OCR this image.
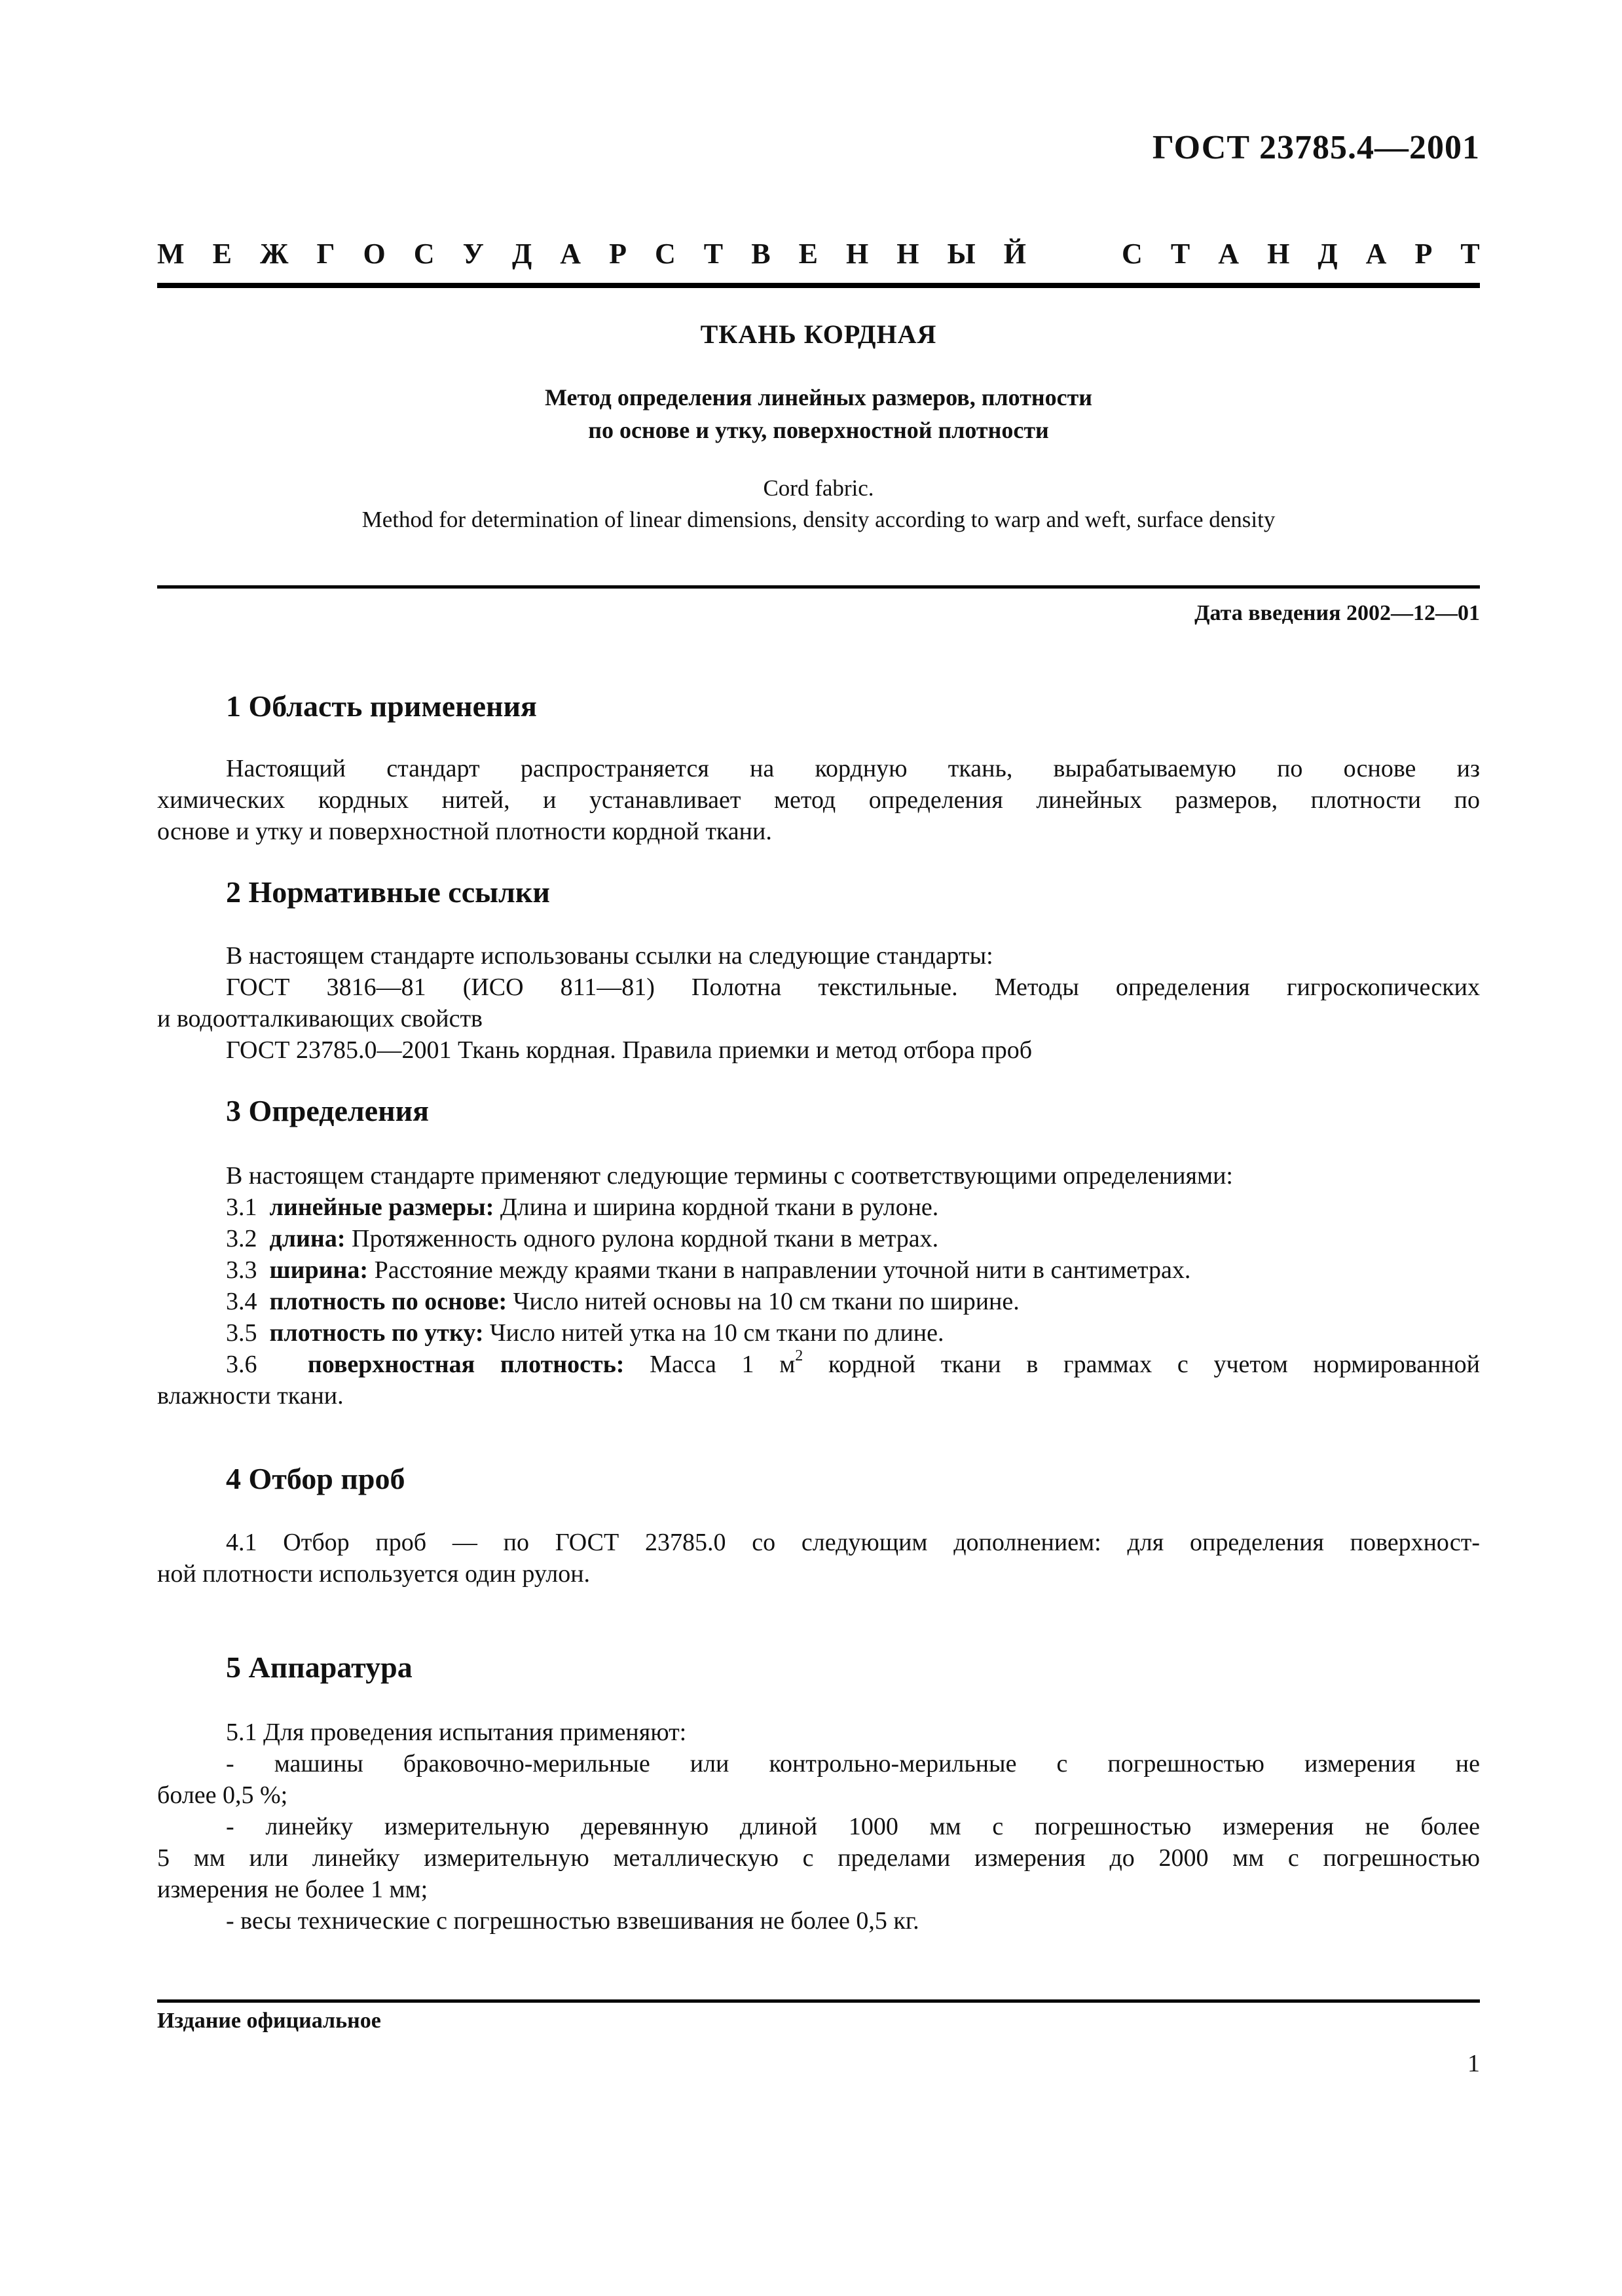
ГОСТ 23785.4—2001
М Е Ж Г О С У Д А Р С Т В Е Н Н Ы Й	С Т А Н Д А Р Т
ТКАНЬ КОРДНАЯ
Метод определения линейных размеров, плотности
по основе и утку, поверхностной плотности
Cord fabric.
Method for determination of linear dimensions, density according to warp and weft, surface density
Дата введения 2002—12—01
1 Область применения
Настоящий стандарт распространяется на кордную ткань, вырабатываемую по основе из
химических кордных нитей, и устанавливает метод определения линейных размеров, плотности по
основе и утку и поверхностной плотности кордной ткани.
2 Нормативные ссылки
В настоящем стандарте использованы ссылки на следующие стандарты:
ГОСТ 3816—81 (ИСО 811—81) Полотна текстильные. Методы определения гигроскопических
и водоотталкивающих свойств
ГОСТ 23785.0—2001 Ткань кордная. Правила приемки и метод отбора проб
3 Определения
В настоящем стандарте применяют следующие термины с соответствующими определениями:
3.1 линейные размеры: Длина и ширина кордной ткани в рулоне.
3.2 длина: Протяженность одного рулона кордной ткани в метрах.
3.3 ширина: Расстояние между краями ткани в направлении уточной нити в сантиметрах.
3.4 плотность по основе: Число нитей основы на 10 см ткани по ширине.
3.5 плотность по утку: Число нитей утка на 10 см ткани по длине.
3.6 поверхностная плотность: Масса 1 $м^2$ кордной ткани в граммах с учетом нормированной
влажности ткани.
4 Отбор проб
4.1 Отбор проб — по ГОСТ 23785.0 со следующим дополнением: для определения поверхност-
ной плотности используется один рулон.
5 Аппаратура
5.1 Для проведения испытания применяют:
- машины браковочно-мерильные или контрольно-мерильные с погрешностью измерения не
более 0,5 %;
- линейку измерительную деревянную длиной 1000 мм с погрешностью измерения не более
5 мм или линейку измерительную металлическую с пределами измерения до 2000 мм с погрешностью
измерения не более 1 мм;
- весы технические с погрешностью взвешивания не более 0,5 кг.
Издание официальное
1
